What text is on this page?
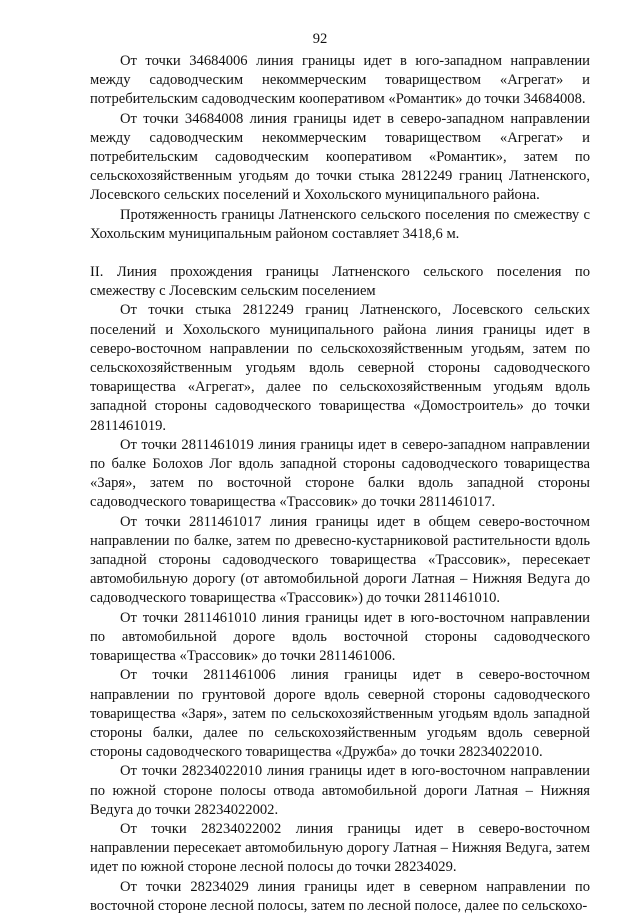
92

От точки 34684006 линия границы идет в юго-западном направлении между садоводческим некоммерческим товариществом «Агрегат» и потребительским садоводческим кооперативом «Романтик» до точки 34684008.

От точки 34684008 линия границы идет в северо-западном направлении между садоводческим некоммерческим товариществом «Агрегат» и потребительским садоводческим кооперативом «Романтик», затем по сельскохозяйственным угодьям до точки стыка 2812249 границ Латненского, Лосевского сельских поселений и Хохольского муниципального района.

Протяженность границы Латненского сельского поселения по смежеству с Хохольским муниципальным районом составляет 3418,6 м.

II. Линия прохождения границы Латненского сельского поселения по смежеству с Лосевским сельским поселением

От точки стыка 2812249 границ Латненского, Лосевского сельских поселений и Хохольского муниципального района линия границы идет в северо-восточном направлении по сельскохозяйственным угодьям, затем по сельскохозяйственным угодьям вдоль северной стороны садоводческого товарищества «Агрегат», далее по сельскохозяйственным угодьям вдоль западной стороны садоводческого товарищества «Домостроитель» до точки 2811461019.

От точки 2811461019 линия границы идет в северо-западном направлении по балке Болохов Лог вдоль западной стороны садоводческого товарищества «Заря», затем по восточной стороне балки вдоль западной стороны садоводческого товарищества «Трассовик» до точки 2811461017.

От точки 2811461017 линия границы идет в общем северо-восточном направлении по балке, затем по древесно-кустарниковой растительности вдоль западной стороны садоводческого товарищества «Трассовик», пересекает автомобильную дорогу (от автомобильной дороги Латная – Нижняя Ведуга до садоводческого товарищества «Трассовик») до точки 2811461010.

От точки 2811461010 линия границы идет в юго-восточном направлении по автомобильной дороге вдоль восточной стороны садоводческого товарищества «Трассовик» до точки 2811461006.

От точки 2811461006 линия границы идет в северо-восточном направлении по грунтовой дороге вдоль северной стороны садоводческого товарищества «Заря», затем по сельскохозяйственным угодьям вдоль западной стороны балки, далее по сельскохозяйственным угодьям вдоль северной стороны садоводческого товарищества «Дружба» до точки 28234022010.

От точки 28234022010 линия границы идет в юго-восточном направлении по южной стороне полосы отвода автомобильной дороги Латная – Нижняя Ведуга до точки 28234022002.

От точки 28234022002 линия границы идет в северо-восточном направлении пересекает автомобильную дорогу Латная – Нижняя Ведуга, затем идет по южной стороне лесной полосы до точки 28234029.

От точки 28234029 линия границы идет в северном направлении по восточной стороне лесной полосы, затем по лесной полосе, далее по сельскохо-
